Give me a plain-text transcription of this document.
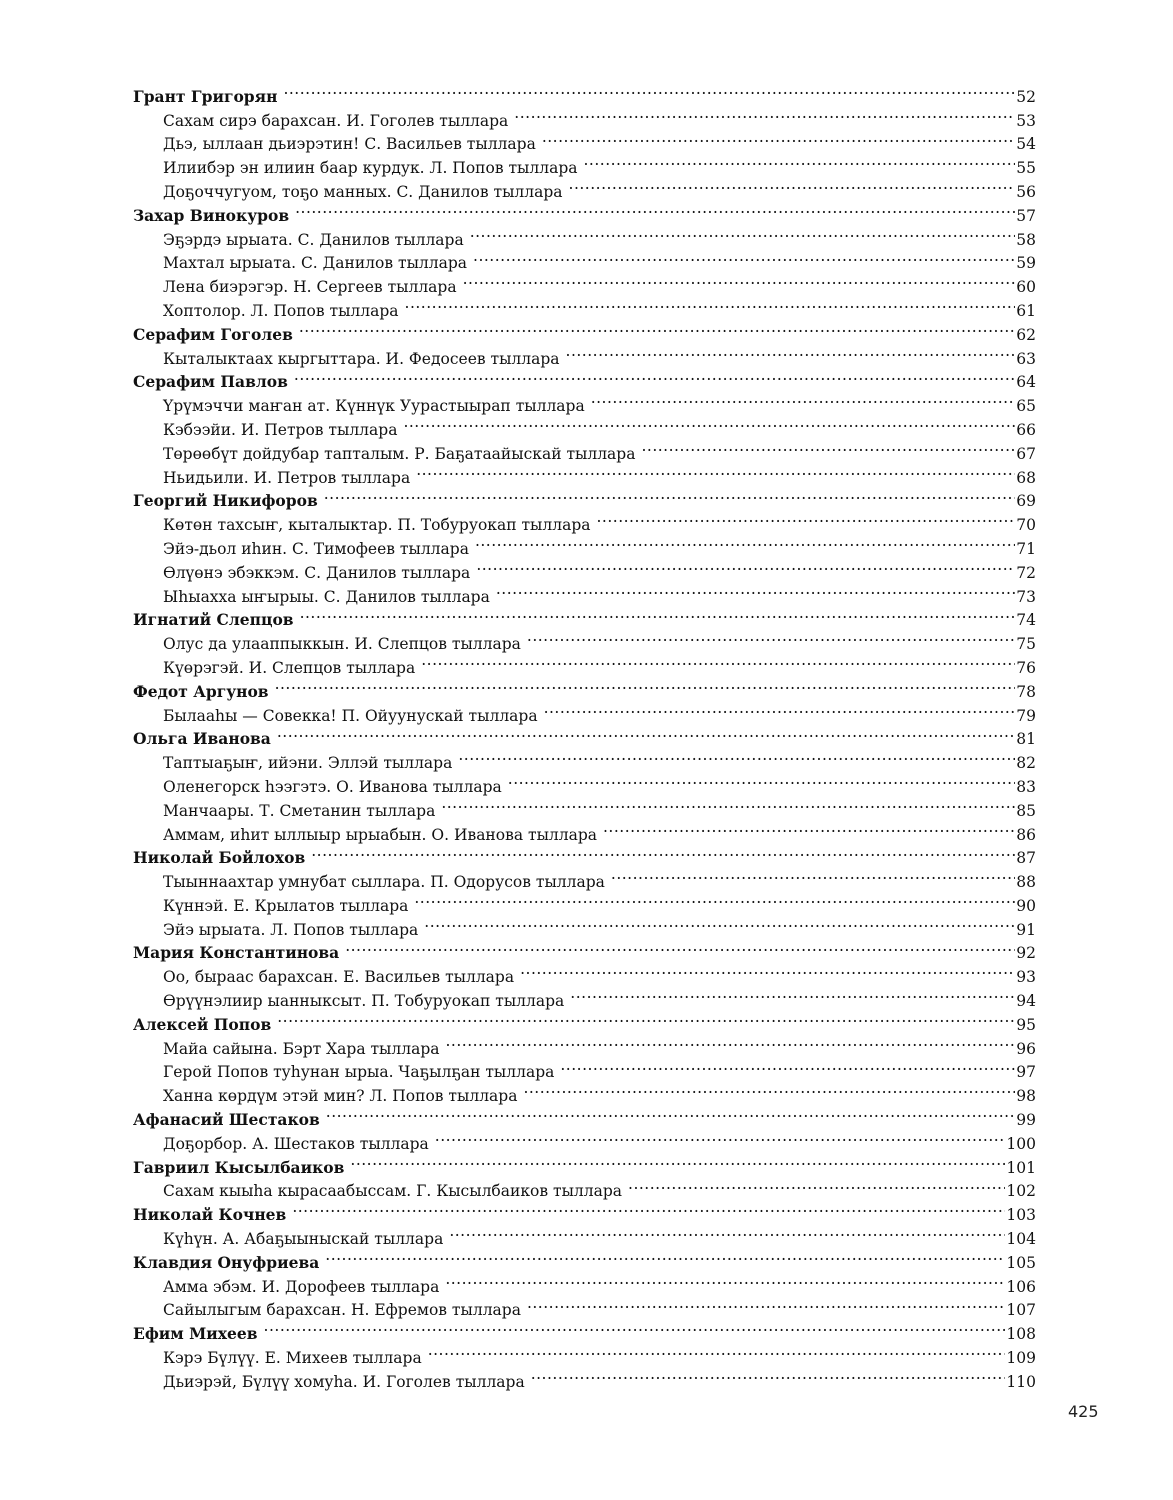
Грант Григорян .....	52
Сахам сирэ барахсан. И. Гоголев тыллара .....	53
Дьэ, ыллаан дьиэрэтин! С. Васильев тыллара .....	54
Илиибэр эн илиин баар курдук. Л. Попов тыллара .....	55
Доҕоччугуом, тоҕо манных. С. Данилов тыллара .....	56
Захар Винокуров .....	57
Эҕэрдэ ырыата. С. Данилов тыллара .....	58
Махтал ырыата. С. Данилов тыллара .....	59
Лена биэрэгэр. Н. Сергеев тыллара .....	60
Хоптолор. Л. Попов тыллара .....	61
Серафим Гоголев .....	62
Кыталыктаах кыргыттара. И. Федосеев тыллара .....	63
Серафим Павлов .....	64
Үрүмэччи маҥан ат. Күннүк Уурастыырап тыллара .....	65
Кэбээйи. И. Петров тыллара .....	66
Төрөөбүт дойдубар тапталым. Р. Баҕатаайыскай тыллара .....	67
Ньидьили. И. Петров тыллара .....	68
Георгий Никифоров .....	69
Көтөн тахсыҥ, кыталыктар. П. Тобуруокап тыллара .....	70
Эйэ-дьол иһин. С. Тимофеев тыллара .....	71
Өлүөнэ эбэккэм. С. Данилов тыллара .....	72
Ыһыахха ыҥырыы. С. Данилов тыллара .....	73
Игнатий Слепцов .....	74
Олус да улааппыккын. И. Слепцов тыллара .....	75
Күөрэгэй. И. Слепцов тыллара .....	76
Федот Аргунов .....	78
Былааһы — Совекка! П. Ойуунускай тыллара .....	79
Ольга Иванова .....	81
Таптыаҕыҥ, ийэни. Эллэй тыллара .....	82
Оленегорск һээгэтэ. О. Иванова тыллара .....	83
Манчаары. Т. Сметанин тыллара .....	85
Аммам, иһит ыллыыр ырыабын. О. Иванова тыллара .....	86
Николай Бойлохов .....	87
Тыыннаахтар умнубат сыллара. П. Одорусов тыллара .....	88
Күннэй. Е. Крылатов тыллара .....	90
Эйэ ырыата. Л. Попов тыллара .....	91
Мария Константинова .....	92
Оо, быраас барахсан. Е. Васильев тыллара .....	93
Өрүүнэлиир ыанныксыт. П. Тобуруокап тыллара .....	94
Алексей Попов .....	95
Майа сайына. Бэрт Хара тыллара .....	96
Герой Попов туһунан ырыа. Чаҕылҕан тыллара .....	97
Ханна көрдүм этэй мин? Л. Попов тыллара .....	98
Афанасий Шестаков .....	99
Доҕорбор. А. Шестаков тыллара .....	100
Гавриил Кысылбаиков .....	101
Сахам кыыһа кырасаабыссам. Г. Кысылбаиков тыллара .....	102
Николай Кочнев .....	103
Күһүн. А. Абаҕыыныскай тыллара .....	104
Клавдия Онуфриева .....	105
Амма эбэм. И. Дорофеев тыллара .....	106
Сайылыгым барахсан. Н. Ефремов тыллара .....	107
Ефим Михеев .....	108
Кэрэ Бүлүү. Е. Михеев тыллара .....	109
Дьиэрэй, Бүлүү хомуһа. И. Гоголев тыллара .....	110
425
